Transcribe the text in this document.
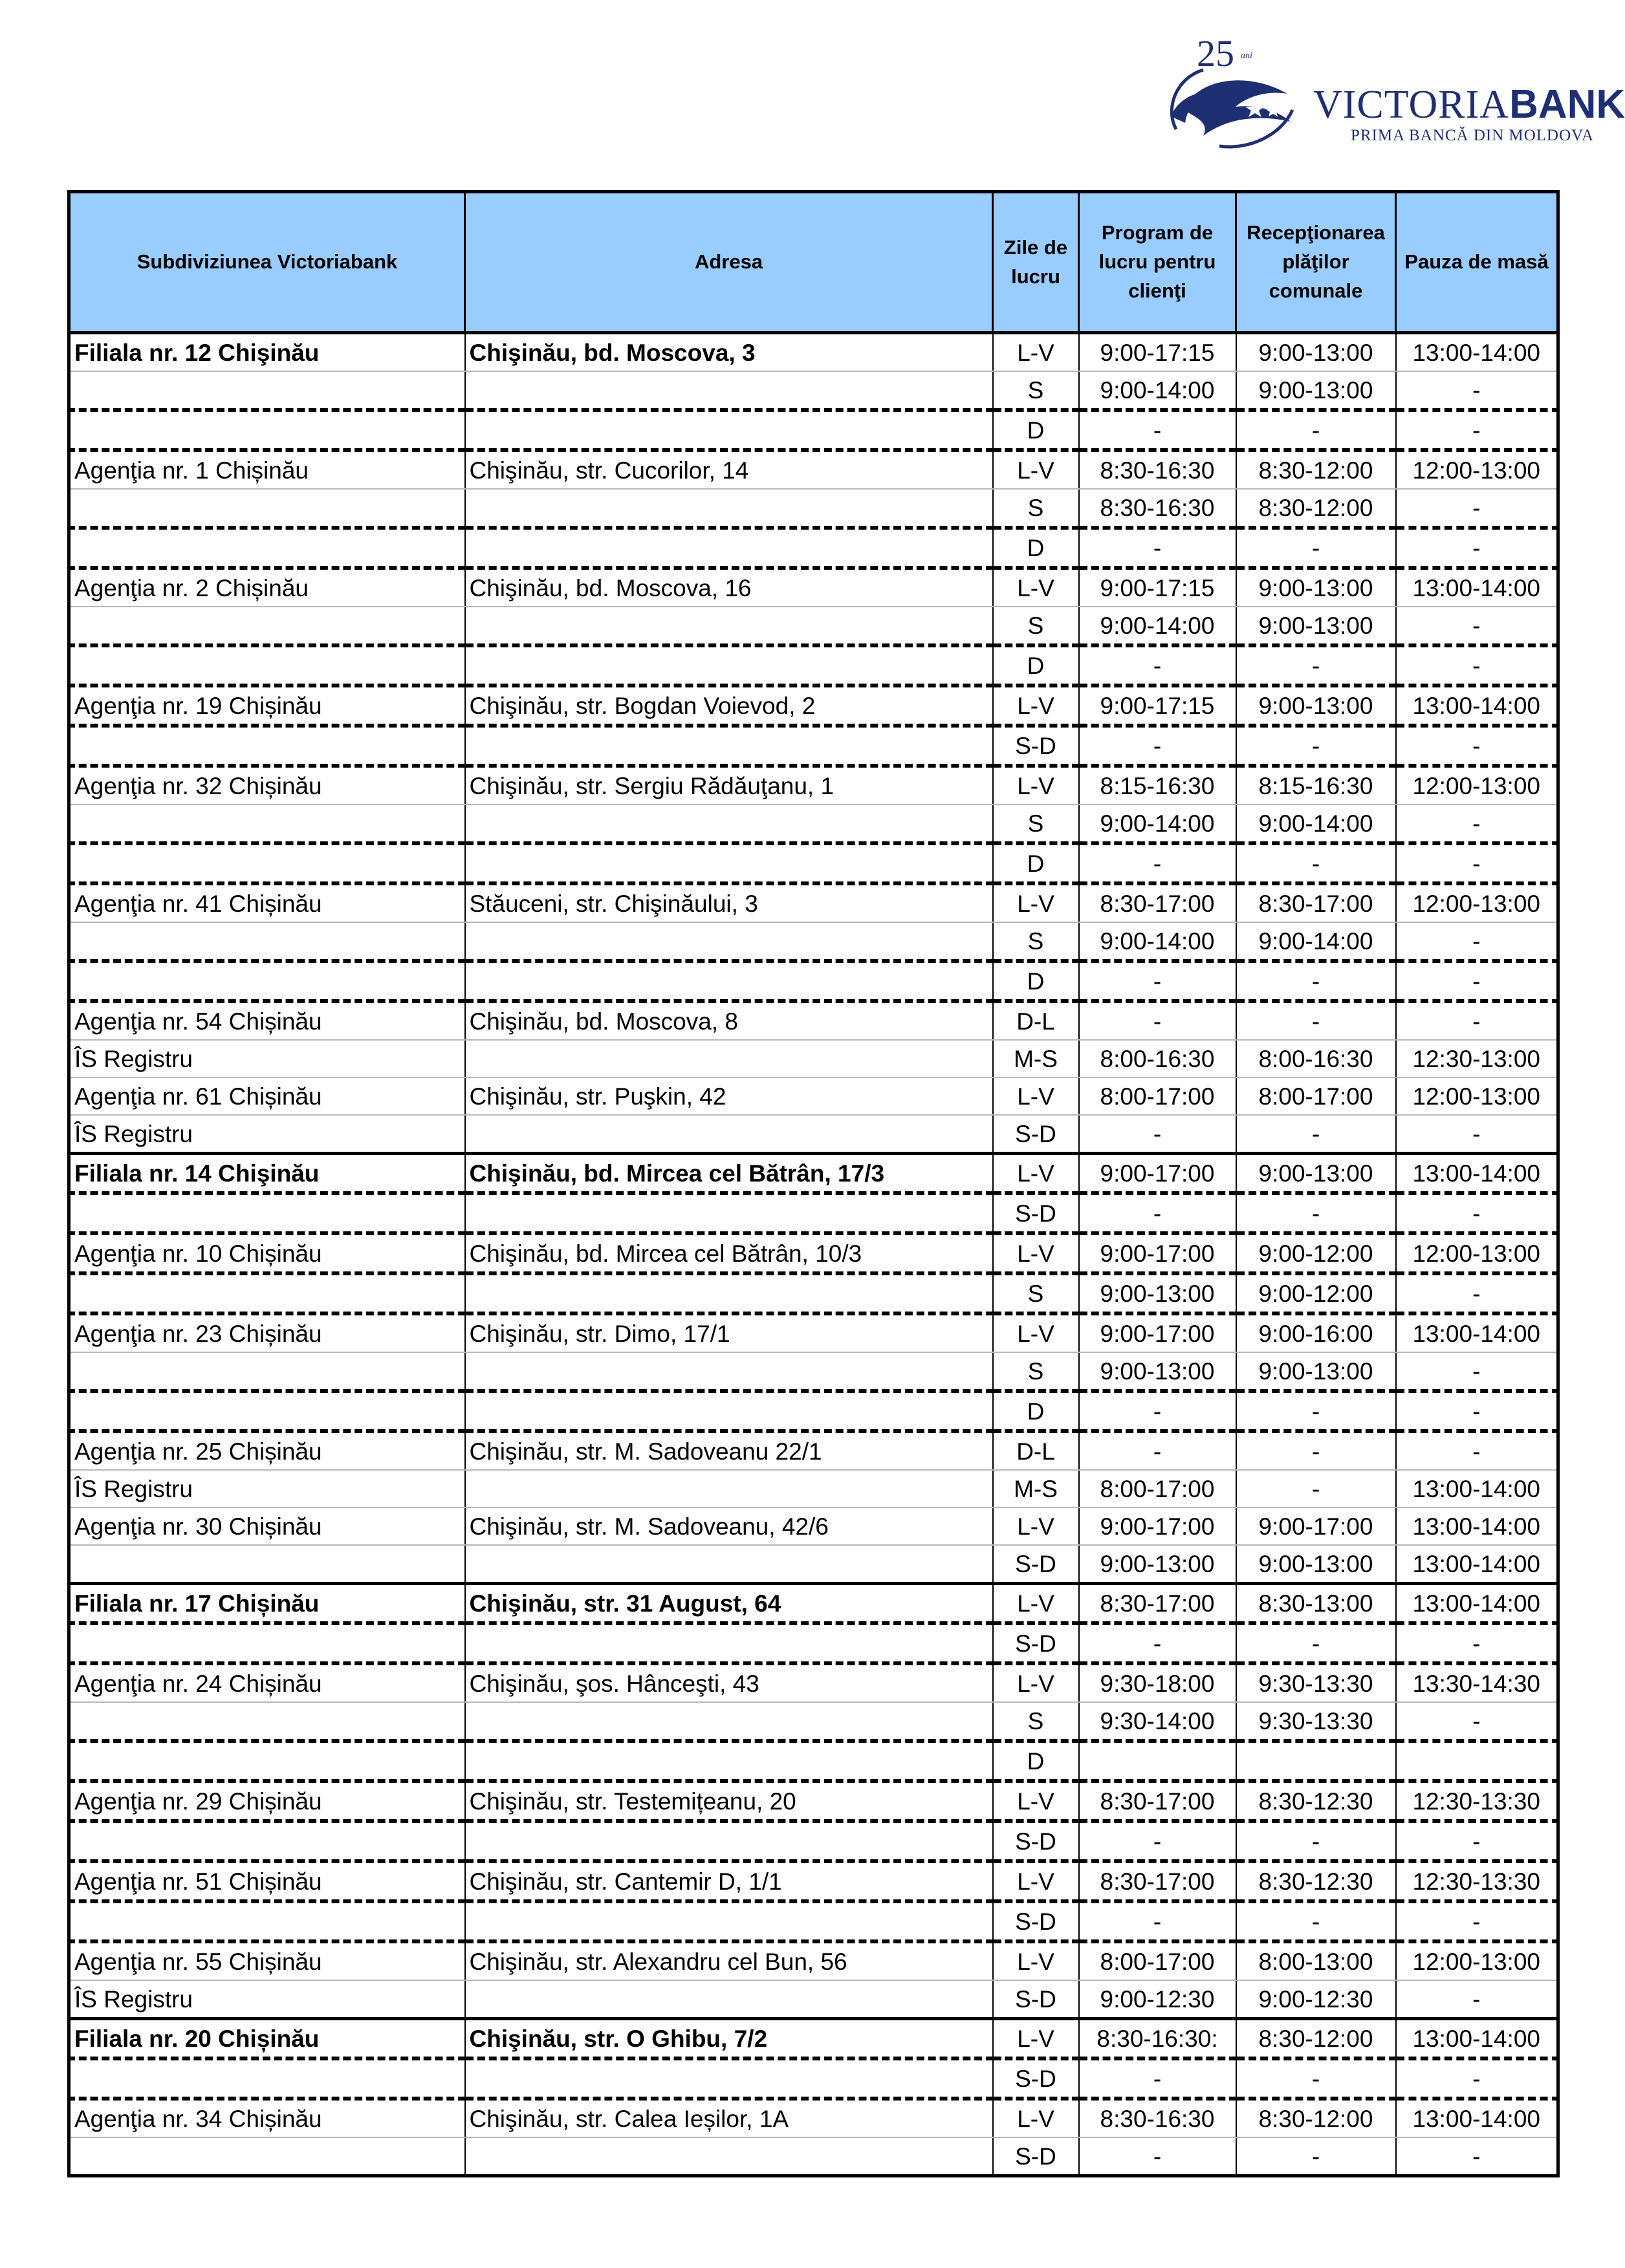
25 ani
VICTORIABANK
PRIMA BANCĂ DIN MOLDOVA
Subdiviziunea Victoriabank	Adresa	Zile de lucru	Program de lucru pentru clienţi	Recepţionarea plăţilor comunale	Pauza de masă
Filiala nr. 12 Chişinău	Chişinău, bd. Moscova, 3	L-V	9:00-17:15	9:00-13:00	13:00-14:00
		S	9:00-14:00	9:00-13:00	-
		D	-	-	-
Agenţia nr. 1 Chișinău	Chişinău, str. Cucorilor, 14	L-V	8:30-16:30	8:30-12:00	12:00-13:00
		S	8:30-16:30	8:30-12:00	-
		D	-	-	-
Agenţia nr. 2 Chișinău	Chişinău, bd. Moscova, 16	L-V	9:00-17:15	9:00-13:00	13:00-14:00
		S	9:00-14:00	9:00-13:00	-
		D	-	-	-
Agenţia nr. 19 Chișinău	Chişinău, str. Bogdan Voievod, 2	L-V	9:00-17:15	9:00-13:00	13:00-14:00
		S-D	-	-	-
Agenţia nr. 32 Chișinău	Chişinău, str. Sergiu Rădăuţanu, 1	L-V	8:15-16:30	8:15-16:30	12:00-13:00
		S	9:00-14:00	9:00-14:00	-
		D	-	-	-
Agenţia nr. 41 Chișinău	Stăuceni, str. Chişinăului, 3	L-V	8:30-17:00	8:30-17:00	12:00-13:00
		S	9:00-14:00	9:00-14:00	-
		D	-	-	-
Agenţia nr. 54 Chișinău	Chişinău, bd. Moscova, 8	D-L	-	-	-
ÎS Registru		M-S	8:00-16:30	8:00-16:30	12:30-13:00
Agenţia nr. 61 Chișinău	Chişinău, str. Puşkin, 42	L-V	8:00-17:00	8:00-17:00	12:00-13:00
ÎS Registru		S-D	-	-	-
Filiala nr. 14 Chişinău	Chişinău, bd. Mircea cel Bătrân, 17/3	L-V	9:00-17:00	9:00-13:00	13:00-14:00
		S-D	-	-	-
Agenţia nr. 10 Chișinău	Chişinău, bd. Mircea cel Bătrân, 10/3	L-V	9:00-17:00	9:00-12:00	12:00-13:00
		S	9:00-13:00	9:00-12:00	-
Agenţia nr. 23 Chișinău	Chişinău, str. Dimo, 17/1	L-V	9:00-17:00	9:00-16:00	13:00-14:00
		S	9:00-13:00	9:00-13:00	-
		D	-	-	-
Agenţia nr. 25 Chișinău	Chişinău, str. M. Sadoveanu 22/1	D-L	-	-	-
ÎS Registru		M-S	8:00-17:00	-	13:00-14:00
Agenţia nr. 30 Chișinău	Chişinău, str. M. Sadoveanu, 42/6	L-V	9:00-17:00	9:00-17:00	13:00-14:00
		S-D	9:00-13:00	9:00-13:00	13:00-14:00
Filiala nr. 17 Chișinău	Chişinău, str. 31 August, 64	L-V	8:30-17:00	8:30-13:00	13:00-14:00
		S-D	-	-	-
Agenţia nr. 24 Chișinău	Chişinău, şos. Hânceşti, 43	L-V	9:30-18:00	9:30-13:30	13:30-14:30
		S	9:30-14:00	9:30-13:30	-
		D			
Agenţia nr. 29 Chișinău	Chişinău, str. Testemițeanu, 20	L-V	8:30-17:00	8:30-12:30	12:30-13:30
		S-D	-	-	-
Agenţia nr. 51 Chișinău	Chişinău, str. Cantemir D, 1/1	L-V	8:30-17:00	8:30-12:30	12:30-13:30
		S-D	-	-	-
Agenţia nr. 55 Chișinău	Chişinău, str. Alexandru cel Bun, 56	L-V	8:00-17:00	8:00-13:00	12:00-13:00
ÎS Registru		S-D	9:00-12:30	9:00-12:30	-
Filiala nr. 20 Chișinău	Chişinău, str. O Ghibu, 7/2	L-V	8:30-16:30:	8:30-12:00	13:00-14:00
		S-D	-	-	-
Agenţia nr. 34 Chișinău	Chişinău, str. Calea Ieșilor, 1A	L-V	8:30-16:30	8:30-12:00	13:00-14:00
		S-D	-	-	-
